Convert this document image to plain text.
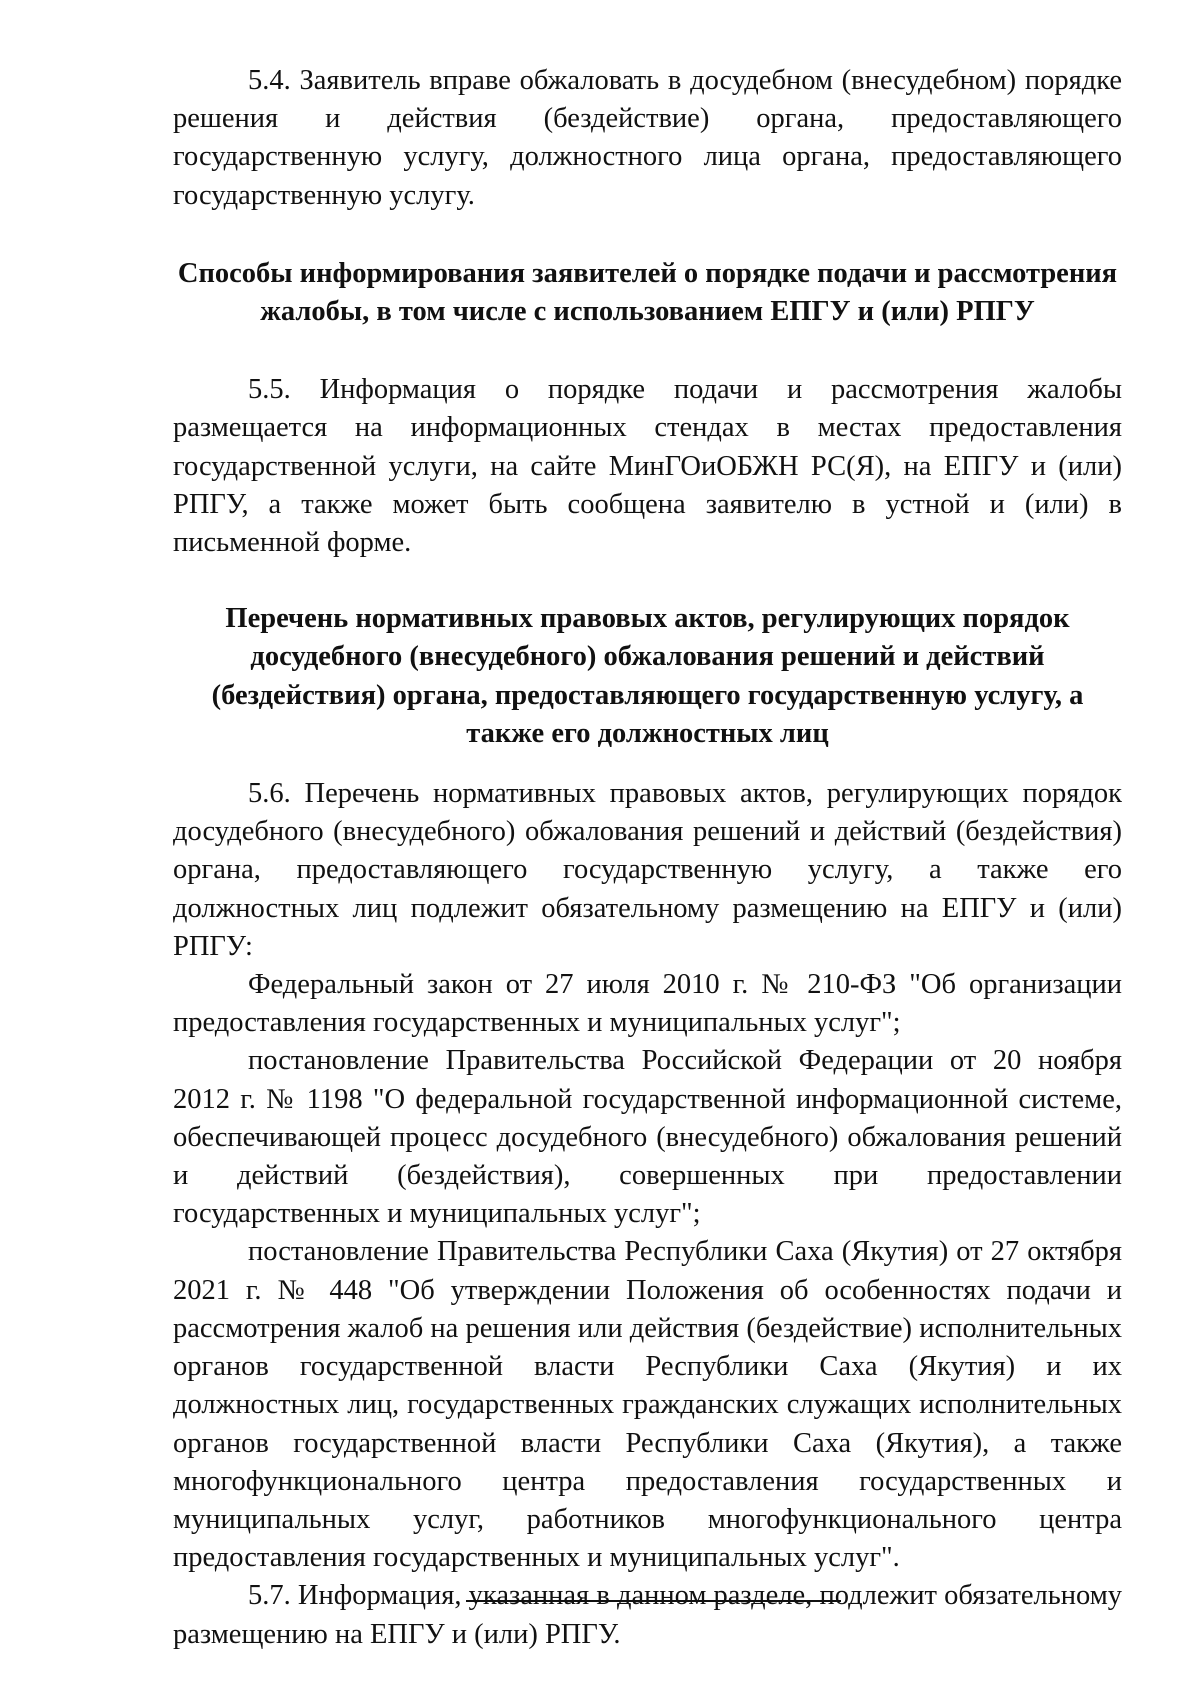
5.4. Заявитель вправе обжаловать в досудебном (внесудебном) порядке решения и действия (бездействие) органа, предоставляющего государственную услугу, должностного лица органа, предоставляющего государственную услугу.

Способы информирования заявителей о порядке подачи и рассмотрения жалобы, в том числе с использованием ЕПГУ и (или) РПГУ

5.5. Информация о порядке подачи и рассмотрения жалобы размещается на информационных стендах в местах предоставления государственной услуги, на сайте МинГОиОБЖН РС(Я), на ЕПГУ и (или) РПГУ, а также может быть сообщена заявителю в устной и (или) в письменной форме.

Перечень нормативных правовых актов, регулирующих порядок досудебного (внесудебного) обжалования решений и действий (бездействия) органа, предоставляющего государственную услугу, а также его должностных лиц

5.6. Перечень нормативных правовых актов, регулирующих порядок досудебного (внесудебного) обжалования решений и действий (бездействия) органа, предоставляющего государственную услугу, а также его должностных лиц подлежит обязательному размещению на ЕПГУ и (или) РПГУ:

Федеральный закон от 27 июля 2010 г. № 210-ФЗ "Об организации предоставления государственных и муниципальных услуг";

постановление Правительства Российской Федерации от 20 ноября 2012 г. № 1198 "О федеральной государственной информационной системе, обеспечивающей процесс досудебного (внесудебного) обжалования решений и действий (бездействия), совершенных при предоставлении государственных и муниципальных услуг";

постановление Правительства Республики Саха (Якутия) от 27 октября 2021 г. № 448 "Об утверждении Положения об особенностях подачи и рассмотрения жалоб на решения или действия (бездействие) исполнительных органов государственной власти Республики Саха (Якутия) и их должностных лиц, государственных гражданских служащих исполнительных органов государственной власти Республики Саха (Якутия), а также многофункционального центра предоставления государственных и муниципальных услуг, работников многофункционального центра предоставления государственных и муниципальных услуг".

5.7. Информация, указанная в данном разделе, подлежит обязательному размещению на ЕПГУ и (или) РПГУ.
